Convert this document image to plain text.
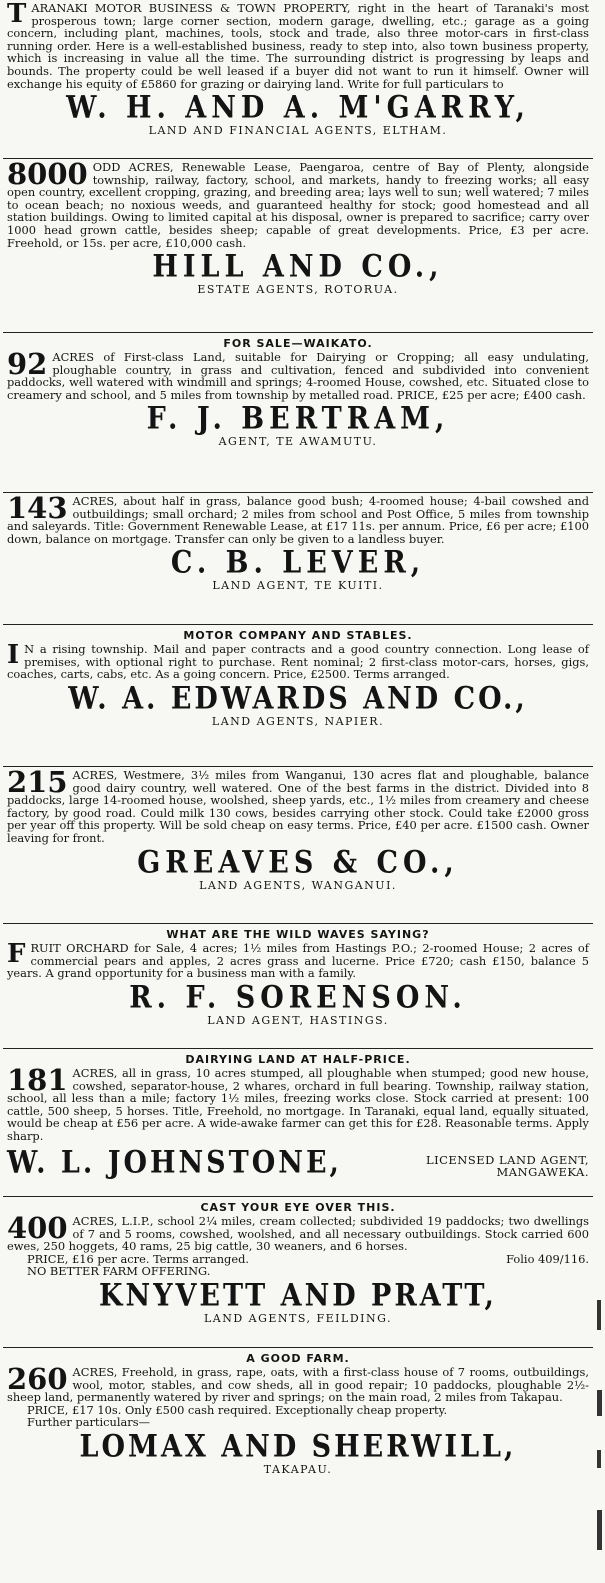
TARANAKI MOTOR BUSINESS & TOWN PROPERTY, right in the heart of Taranaki's most prosperous town; large corner section, modern garage, dwelling, etc.; garage as a going concern, including plant, machines, tools, stock and trade, also three motor-cars in first-class running order. Here is a well-established business, ready to step into, also town business property, which is increasing in value all the time. The surrounding district is progressing by leaps and bounds. The property could be well leased if a buyer did not want to run it himself. Owner will exchange his equity of £5860 for grazing or dairying land. Write for full particulars to
W. H. AND A. M'GARRY,
LAND AND FINANCIAL AGENTS, ELTHAM.
8000 ODD ACRES, Renewable Lease, Paengaroa, centre of Bay of Plenty, alongside township, railway, factory, school, and markets, handy to freezing works; all easy open country, excellent cropping, grazing, and breeding area; lays well to sun; well watered; 7 miles to ocean beach; no noxious weeds, and guaranteed healthy for stock; good homestead and all station buildings. Owing to limited capital at his disposal, owner is prepared to sacrifice; carry over 1000 head grown cattle, besides sheep; capable of great developments. Price, £3 per acre. Freehold, or 15s. per acre, £10,000 cash.
HILL AND CO.,
ESTATE AGENTS, ROTORUA.
FOR SALE—WAIKATO.
92 ACRES of First-class Land, suitable for Dairying or Cropping; all easy undulating, ploughable country, in grass and cultivation, fenced and subdivided into convenient paddocks, well watered with windmill and springs; 4-roomed House, cowshed, etc. Situated close to creamery and school, and 5 miles from township by metalled road. PRICE, £25 per acre; £400 cash.
F. J. BERTRAM,
AGENT, TE AWAMUTU.
143 ACRES, about half in grass, balance good bush; 4-roomed house; 4-bail cowshed and outbuildings; small orchard; 2 miles from school and Post Office, 5 miles from township and saleyards. Title: Government Renewable Lease, at £17 11s. per annum. Price, £6 per acre; £100 down, balance on mortgage. Transfer can only be given to a landless buyer.
C. B. LEVER,
LAND AGENT, TE KUITI.
MOTOR COMPANY AND STABLES.
I N a rising township. Mail and paper contracts and a good country connection. Long lease of premises, with optional right to purchase. Rent nominal; 2 first-class motor-cars, horses, gigs, coaches, carts, cabs, etc. As a going concern. Price, £2500. Terms arranged.
W. A. EDWARDS AND CO.,
LAND AGENTS, NAPIER.
215 ACRES, Westmere, 3½ miles from Wanganui, 130 acres flat and ploughable, balance good dairy country, well watered. One of the best farms in the district. Divided into 8 paddocks, large 14-roomed house, woolshed, sheep yards, etc., 1½ miles from creamery and cheese factory, by good road. Could milk 130 cows, besides carrying other stock. Could take £2000 gross per year off this property. Will be sold cheap on easy terms. Price, £40 per acre. £1500 cash. Owner leaving for front.
GREAVES & CO.,
LAND AGENTS, WANGANUI.
WHAT ARE THE WILD WAVES SAYING?
FRUIT ORCHARD for Sale, 4 acres; 1½ miles from Hastings P.O.; 2-roomed House; 2 acres of commercial pears and apples, 2 acres grass and lucerne. Price £720; cash £150, balance 5 years. A grand opportunity for a business man with a family.
R. F. SORENSON.
LAND AGENT, HASTINGS.
DAIRYING LAND AT HALF-PRICE.
181 ACRES, all in grass, 10 acres stumped, all ploughable when stumped; good new house, cowshed, separator-house, 2 whares, orchard in full bearing. Township, railway station, school, all less than a mile; factory 1½ miles, freezing works close. Stock carried at present: 100 cattle, 500 sheep, 5 horses. Title, Freehold, no mortgage. In Taranaki, equal land, equally situated, would be cheap at £56 per acre. A wide-awake farmer can get this for £28. Reasonable terms. Apply sharp.
W. L. JOHNSTONE,	LICENSED LAND AGENT,
MANGAWEKA.
CAST YOUR EYE OVER THIS.
400 ACRES, L.I.P., school 2¼ miles, cream collected; subdivided 19 paddocks; two dwellings of 7 and 5 rooms, cowshed, woolshed, and all necessary outbuildings. Stock carried 600 ewes, 250 hoggets, 40 rams, 25 big cattle, 30 weaners, and 6 horses.
PRICE, £16 per acre. Terms arranged.	Folio 409/116.
NO BETTER FARM OFFERING.
KNYVETT AND PRATT,
LAND AGENTS, FEILDING.
A GOOD FARM.
260 ACRES, Freehold, in grass, rape, oats, with a first-class house of 7 rooms, outbuildings, wool, motor, stables, and cow sheds, all in good repair; 10 paddocks, ploughable 2½-sheep land, permanently watered by river and springs; on the main road, 2 miles from Takapau.
PRICE, £17 10s. Only £500 cash required. Exceptionally cheap property.
Further particulars—
LOMAX AND SHERWILL,
TAKAPAU.
